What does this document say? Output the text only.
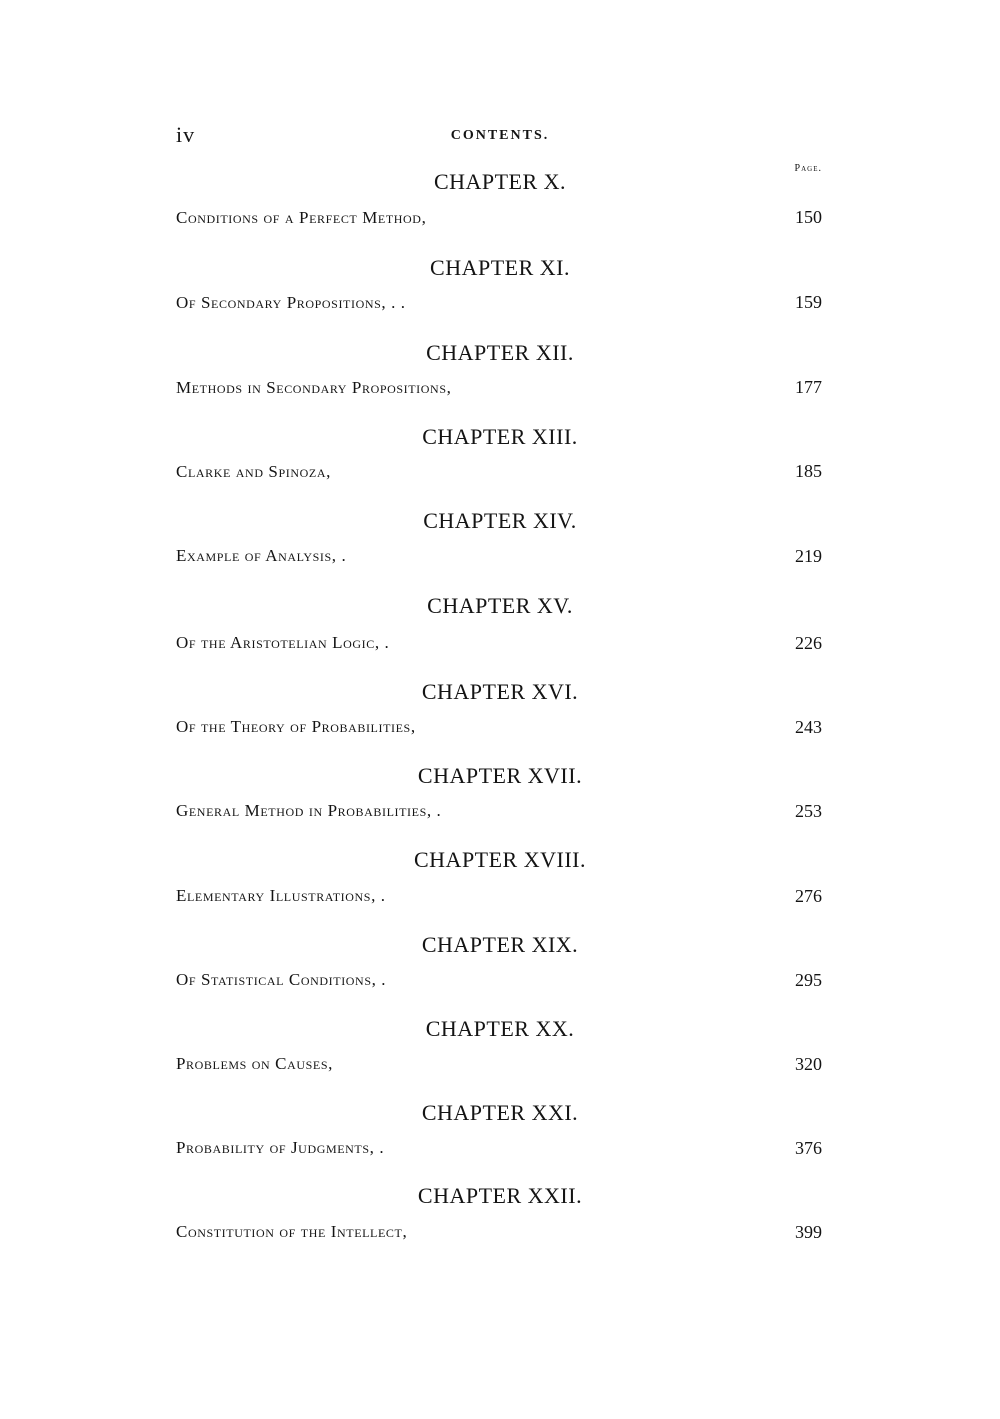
iv	CONTENTS.
Page.
CHAPTER X.
Conditions of a Perfect Method,	150
CHAPTER XI.
Of Secondary Propositions, . .	159
CHAPTER XII.
Methods in Secondary Propositions,	177
CHAPTER XIII.
Clarke and Spinoza,	185
CHAPTER XIV.
Example of Analysis, .	219
CHAPTER XV.
Of the Aristotelian Logic, .	226
CHAPTER XVI.
Of the Theory of Probabilities,	243
CHAPTER XVII.
General Method in Probabilities, .	253
CHAPTER XVIII.
Elementary Illustrations, .	276
CHAPTER XIX.
Of Statistical Conditions, .	295
CHAPTER XX.
Problems on Causes,	320
CHAPTER XXI.
Probability of Judgments, .	376
CHAPTER XXII.
Constitution of the Intellect,	399
